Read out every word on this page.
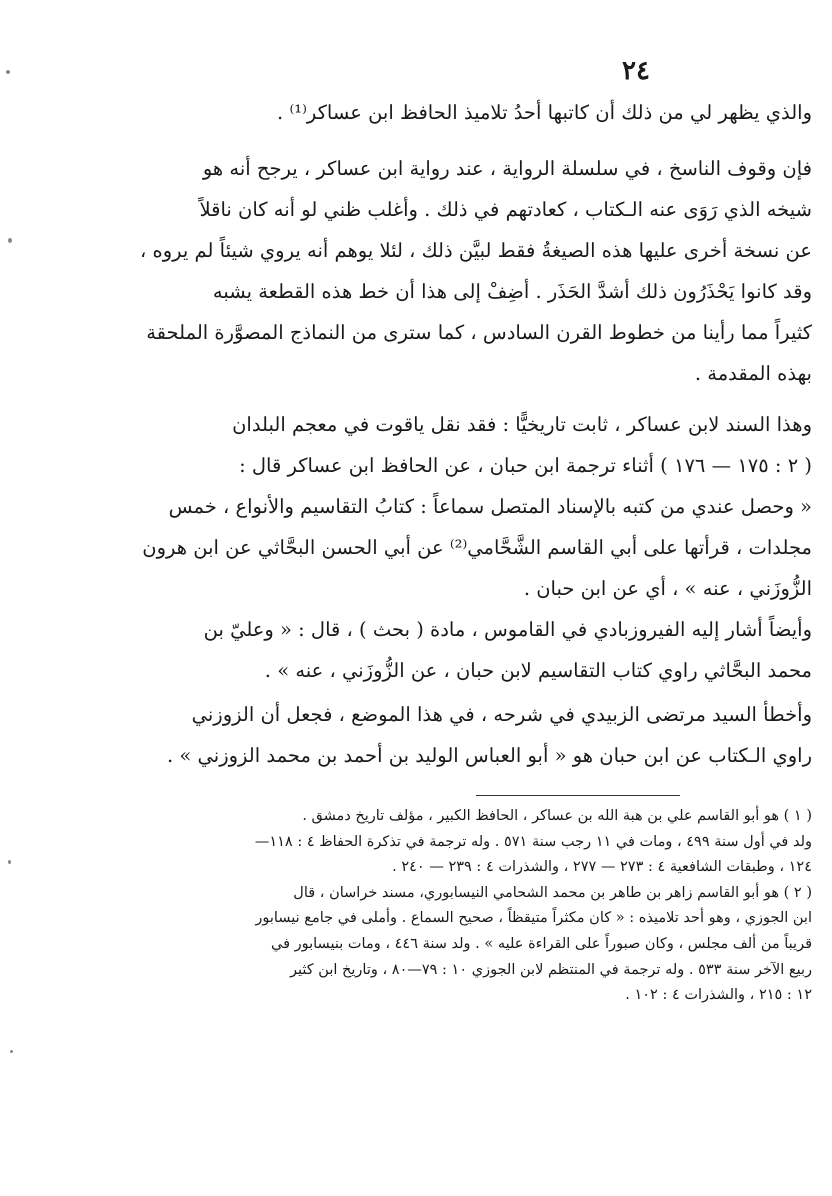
٢٤
والذي يظهر لي من ذلك أن كاتبها أحدُ تلاميذ الحافظ ابن عساكر⁽¹⁾ .
فإن وقوف الناسخ ، في سلسلة الرواية ، عند رواية ابن عساكر ، يرجح أنه هو
شيخه الذي رَوَى عنه الـكتاب ، كعادتهم في ذلك . وأغلب ظني لو أنه كان ناقلاً
عن نسخة أخرى عليها هذه الصيغةُ فقط لبيَّن ذلك ، لئلا يوهم أنه يروي شيئاً لم يروه ،
وقد كانوا يَحْذَرُون ذلك أشدَّ الحَذَر . أضِفْ إلى هذا أن خط هذه القطعة يشبه
كثيراً مما رأينا من خطوط القرن السادس ، كما سترى من النماذج المصوَّرة الملحقة
بهذه المقدمة .
وهذا السند لابن عساكر ، ثابت تاريخيًّا : فقد نقل ياقوت في معجم البلدان
( ٢ : ١٧٥ — ١٧٦ ) أثناء ترجمة ابن حبان ، عن الحافظ ابن عساكر قال :
« وحصل عندي من كتبه بالإسناد المتصل سماعاً : كتابُ التقاسيم والأنواع ، خمس
مجلدات ، قرأتها على أبي القاسم الشَّحَّامي⁽²⁾ عن أبي الحسن البحَّاثي عن ابن هرون
الزُّوزَني ، عنه » ، أي عن ابن حبان .
وأيضاً أشار إليه الفيروزبادي في القاموس ، مادة ( بحث ) ، قال : « وعليّ بن
محمد البحَّاثي راوي كتاب التقاسيم لابن حبان ، عن الزُّوزَني ، عنه » .
وأخطأ السيد مرتضى الزبيدي في شرحه ، في هذا الموضع ، فجعل أن الزوزني
راوي الـكتاب عن ابن حبان هو « أبو العباس الوليد بن أحمد بن محمد الزوزني » .
( ١ ) هو أبو القاسم علي بن هبة الله بن عساكر ، الحافظ الكبير ، مؤلف تاريخ دمشق .
ولد في أول سنة ٤٩٩ ، ومات في ١١ رجب سنة ٥٧١ . وله ترجمة في تذكرة الحفاظ ٤ : ١١٨—
١٢٤ ، وطبقات الشافعية ٤ : ٢٧٣ — ٢٧٧ ، والشذرات ٤ : ٢٣٩ — ٢٤٠ .
( ٢ ) هو أبو القاسم زاهر بن طاهر بن محمد الشحامي النيسابوري، مسند خراسان ، قال
ابن الجوزي ، وهو أحد تلاميذه : « كان مكثراً متيقظاً ، صحيح السماع . وأملى في جامع نيسابور
قريباً من ألف مجلس ، وكان صبوراً على القراءة عليه » . ولد سنة ٤٤٦ ، ومات بنيسابور في
ربيع الآخر سنة ٥٣٣ . وله ترجمة في المنتظم لابن الجوزي ١٠ : ٧٩—٨٠ ، وتاريخ ابن كثير
١٢ : ٢١٥ ، والشذرات ٤ : ١٠٢ .
